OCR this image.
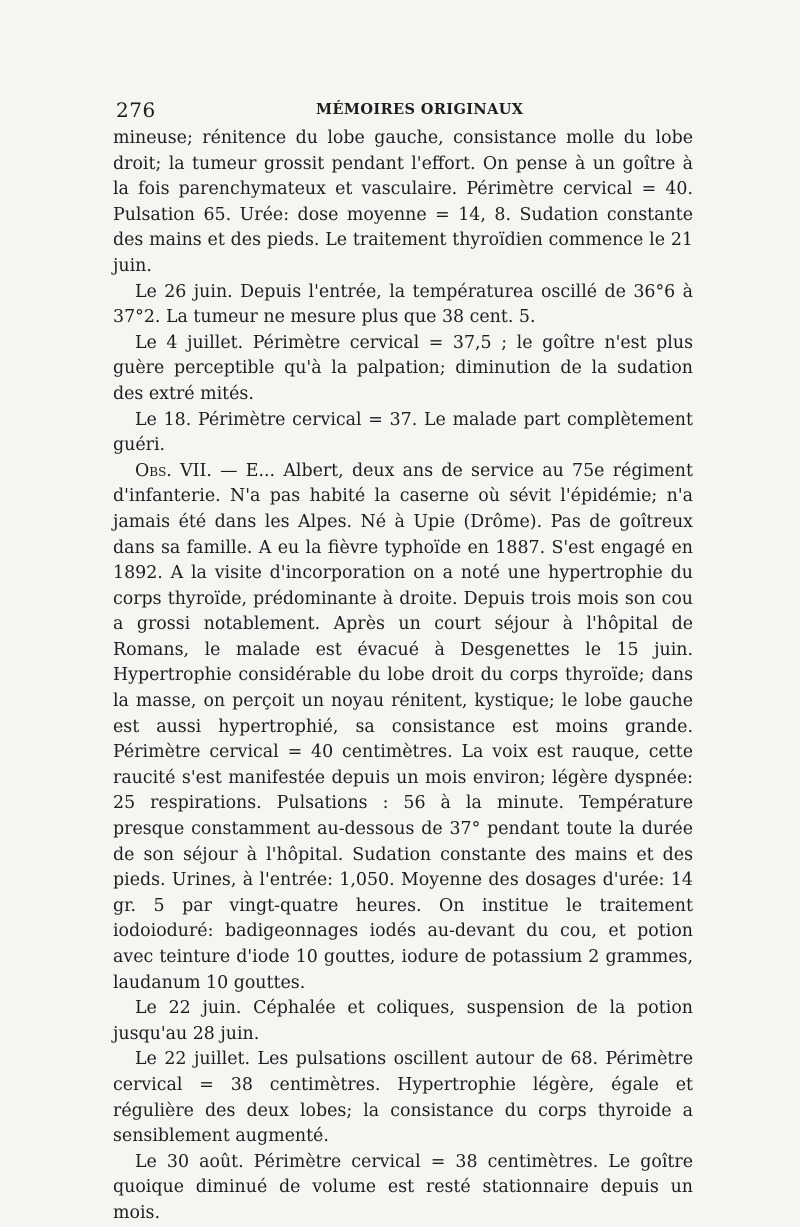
276	MÉMOIRES ORIGINAUX

mineuse; rénitence du lobe gauche, consistance molle du lobe droit; la tumeur grossit pendant l'effort. On pense à un goître à la fois parenchymateux et vasculaire. Périmètre cervical = 40. Pulsation 65. Urée: dose moyenne = 14, 8. Sudation constante des mains et des pieds. Le traitement thyroïdien commence le 21 juin.

Le 26 juin. Depuis l'entrée, la températurea oscillé de 36°6 à 37°2. La tumeur ne mesure plus que 38 cent. 5.

Le 4 juillet. Périmètre cervical = 37,5 ; le goître n'est plus guère perceptible qu'à la palpation; diminution de la sudation des extré mités.

Le 18. Périmètre cervical = 37. Le malade part complètement guéri.

Obs. VII. — E... Albert, deux ans de service au 75e régiment d'infanterie. N'a pas habité la caserne où sévit l'épidémie; n'a jamais été dans les Alpes. Né à Upie (Drôme). Pas de goîtreux dans sa famille. A eu la fièvre typhoïde en 1887. S'est engagé en 1892. A la visite d'incorporation on a noté une hypertrophie du corps thyroïde, prédominante à droite. Depuis trois mois son cou a grossi notablement. Après un court séjour à l'hôpital de Romans, le malade est évacué à Desgenettes le 15 juin. Hypertrophie considérable du lobe droit du corps thyroïde; dans la masse, on perçoit un noyau rénitent, kystique; le lobe gauche est aussi hypertrophié, sa consistance est moins grande. Périmètre cervical = 40 centimètres. La voix est rauque, cette raucité s'est manifestée depuis un mois environ; légère dyspnée: 25 respirations. Pulsations : 56 à la minute. Température presque constamment au-dessous de 37° pendant toute la durée de son séjour à l'hôpital. Sudation constante des mains et des pieds. Urines, à l'entrée: 1,050. Moyenne des dosages d'urée: 14 gr. 5 par vingt-quatre heures. On institue le traitement iodoioduré: badigeonnages iodés au-devant du cou, et potion avec teinture d'iode 10 gouttes, iodure de potassium 2 grammes, laudanum 10 gouttes.

Le 22 juin. Céphalée et coliques, suspension de la potion jusqu'au 28 juin.

Le 22 juillet. Les pulsations oscillent autour de 68. Périmètre cervical = 38 centimètres. Hypertrophie légère, égale et régulière des deux lobes; la consistance du corps thyroide a sensiblement augmenté.

Le 30 août. Périmètre cervical = 38 centimètres. Le goître quoique diminué de volume est resté stationnaire depuis un mois.
